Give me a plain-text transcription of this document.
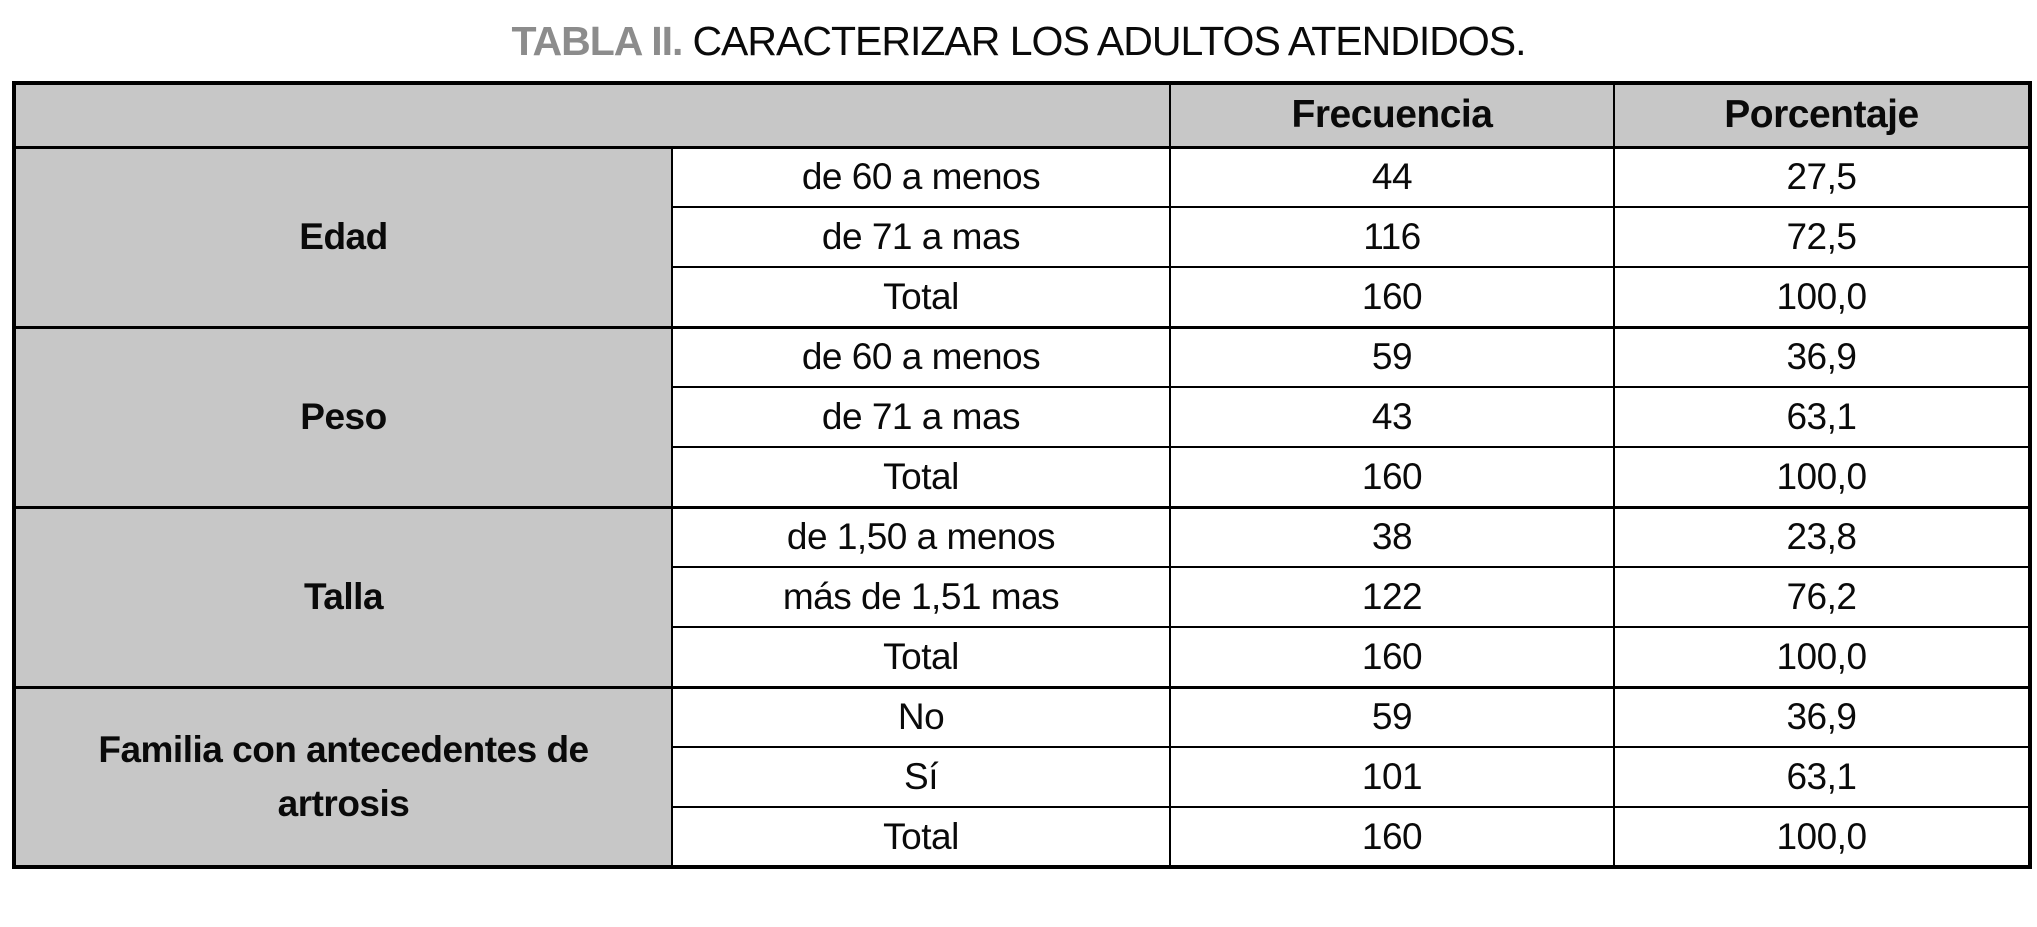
TABLA II. CARACTERIZAR LOS ADULTOS ATENDIDOS.
		Frecuencia	Porcentaje
Edad	de 60 a menos	44	27,5
	de 71 a mas	116	72,5
	Total	160	100,0
Peso	de 60 a menos	59	36,9
	de 71 a mas	43	63,1
	Total	160	100,0
Talla	de 1,50 a menos	38	23,8
	más de 1,51 mas	122	76,2
	Total	160	100,0
Familia con antecedentes de artrosis	No	59	36,9
	Sí	101	63,1
	Total	160	100,0
